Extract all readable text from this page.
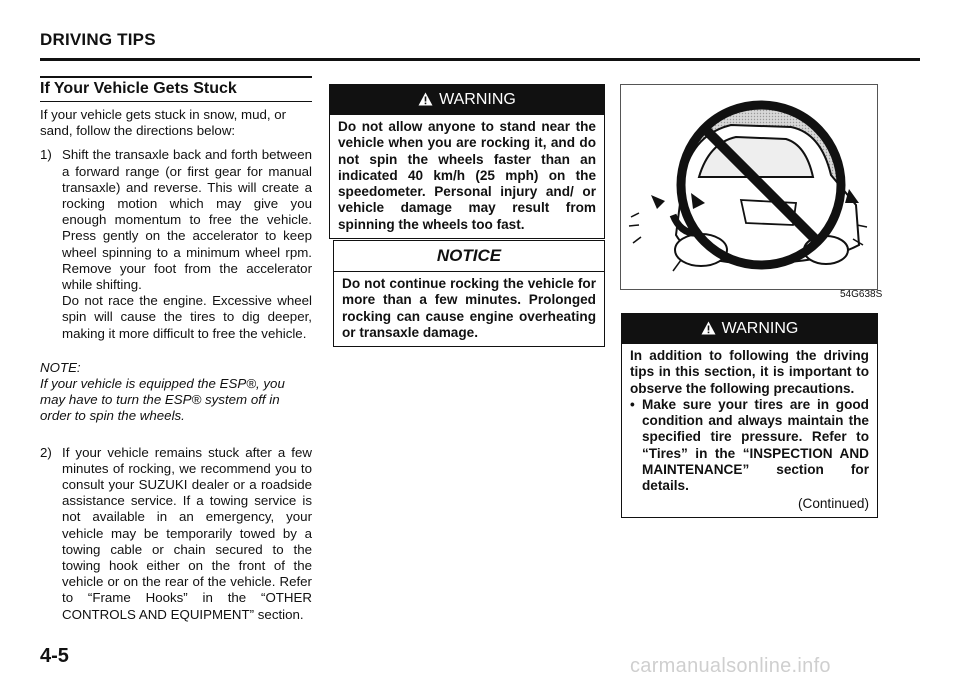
DRIVING TIPS
If Your Vehicle Gets Stuck

If your vehicle gets stuck in snow, mud, or sand, follow the directions below:

1) Shift the transaxle back and forth between a forward range (or first gear for manual transaxle) and reverse. This will create a rocking motion which may give you enough momentum to free the vehicle. Press gently on the accelerator to keep wheel spinning to a minimum wheel rpm. Remove your foot from the accelerator while shifting.
Do not race the engine. Excessive wheel spin will cause the tires to dig deeper, making it more difficult to free the vehicle.

NOTE:

If your vehicle is equipped the ESP®, you may have to turn the ESP® system off in order to spin the wheels.

2) If your vehicle remains stuck after a few minutes of rocking, we recommend you to consult your SUZUKI dealer or a roadside assistance service. If a towing service is not available in an emergency, your vehicle may be temporarily towed by a towing cable or chain secured to the towing hook either on the front of the vehicle or on the rear of the vehicle. Refer to “Frame Hooks” in the “OTHER CONTROLS AND EQUIPMENT” section.
WARNING
Do not allow anyone to stand near the vehicle when you are rocking it, and do not spin the wheels faster than an indicated 40 km/h (25 mph) on the speedometer. Personal injury and/ or vehicle damage may result from spinning the wheels too fast.
NOTICE
Do not continue rocking the vehicle for more than a few minutes. Prolonged rocking can cause engine overheating or transaxle damage.
54G638S
WARNING
In addition to following the driving tips in this section, it is important to observe the following precautions.
• Make sure your tires are in good condition and always maintain the specified tire pressure. Refer to “Tires” in the “INSPECTION AND MAINTENANCE” section for details.
(Continued)
4-5	carmanualsonline.info
